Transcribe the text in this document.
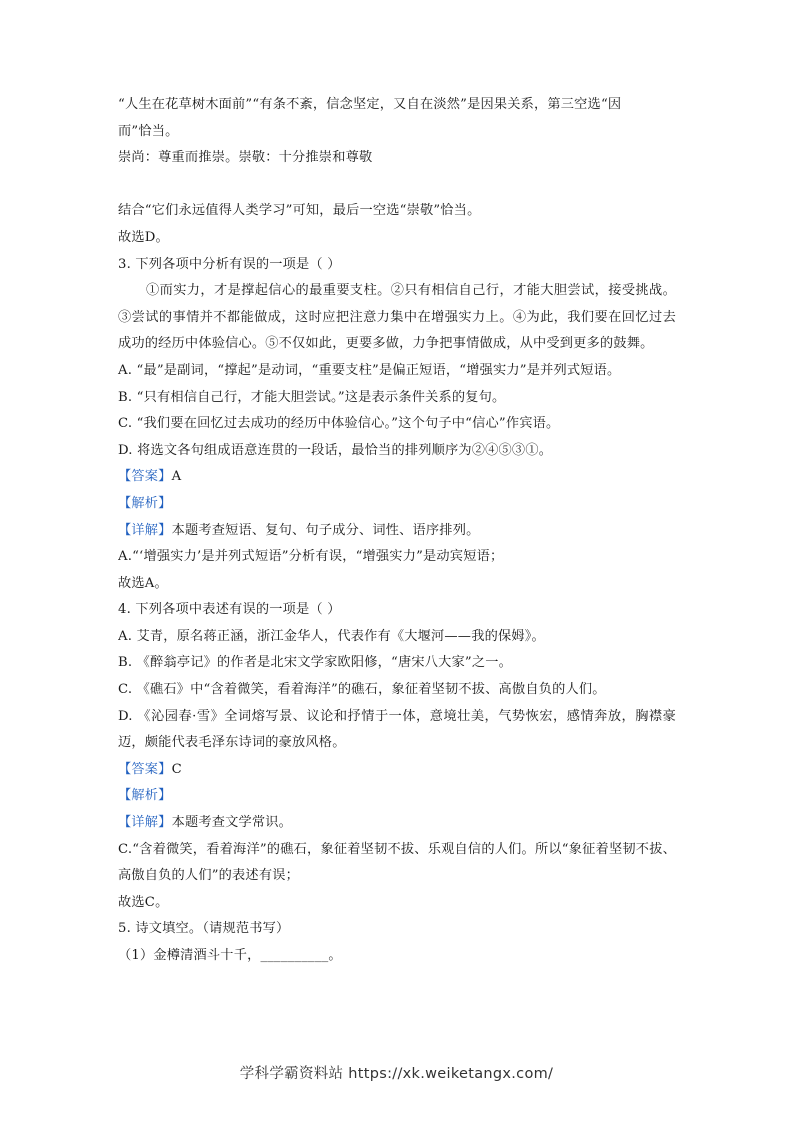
“人生在花草树木面前”“有条不紊，信念坚定，又自在淡然”是因果关系，第三空选“因
而”恰当。
崇尚：尊重而推崇。崇敬：十分推崇和尊敬
结合“它们永远值得人类学习”可知，最后一空选“崇敬”恰当。
故选D。
3. 下列各项中分析有误的一项是（ ）
①而实力，才是撑起信心的最重要支柱。②只有相信自己行，才能大胆尝试，接受挑战。③尝试的事情并不都能做成，这时应把注意力集中在增强实力上。④为此，我们要在回忆过去成功的经历中体验信心。⑤不仅如此，更要多做，力争把事情做成，从中受到更多的鼓舞。
A. “最”是副词，“撑起”是动词，“重要支柱”是偏正短语，“增强实力”是并列式短语。
B. “只有相信自己行，才能大胆尝试。”这是表示条件关系的复句。
C. “我们要在回忆过去成功的经历中体验信心。”这个句子中“信心”作宾语。
D. 将选文各句组成语意连贯的一段话，最恰当的排列顺序为②④⑤③①。
【答案】A
【解析】
【详解】本题考查短语、复句、句子成分、词性、语序排列。
A.“‘增强实力’是并列式短语”分析有误，“增强实力”是动宾短语；
故选A。
4. 下列各项中表述有误的一项是（ ）
A. 艾青，原名蒋正涵，浙江金华人，代表作有《大堰河——我的保姆》。
B. 《醉翁亭记》的作者是北宋文学家欧阳修，“唐宋八大家”之一。
C. 《礁石》中“含着微笑，看着海洋”的礁石，象征着坚韧不拔、高傲自负的人们。
D. 《沁园春·雪》全词熔写景、议论和抒情于一体，意境壮美，气势恢宏，感情奔放，胸襟豪迈，颇能代表毛泽东诗词的豪放风格。
【答案】C
【解析】
【详解】本题考查文学常识。
C.“含着微笑，看着海洋”的礁石，象征着坚韧不拔、乐观自信的人们。所以“象征着坚韧不拔、高傲自负的人们”的表述有误；
故选C。
5. 诗文填空。（请规范书写）
（1）金樽清酒斗十千，__________。
学科学霸资料站 https://xk.weiketangx.com/
